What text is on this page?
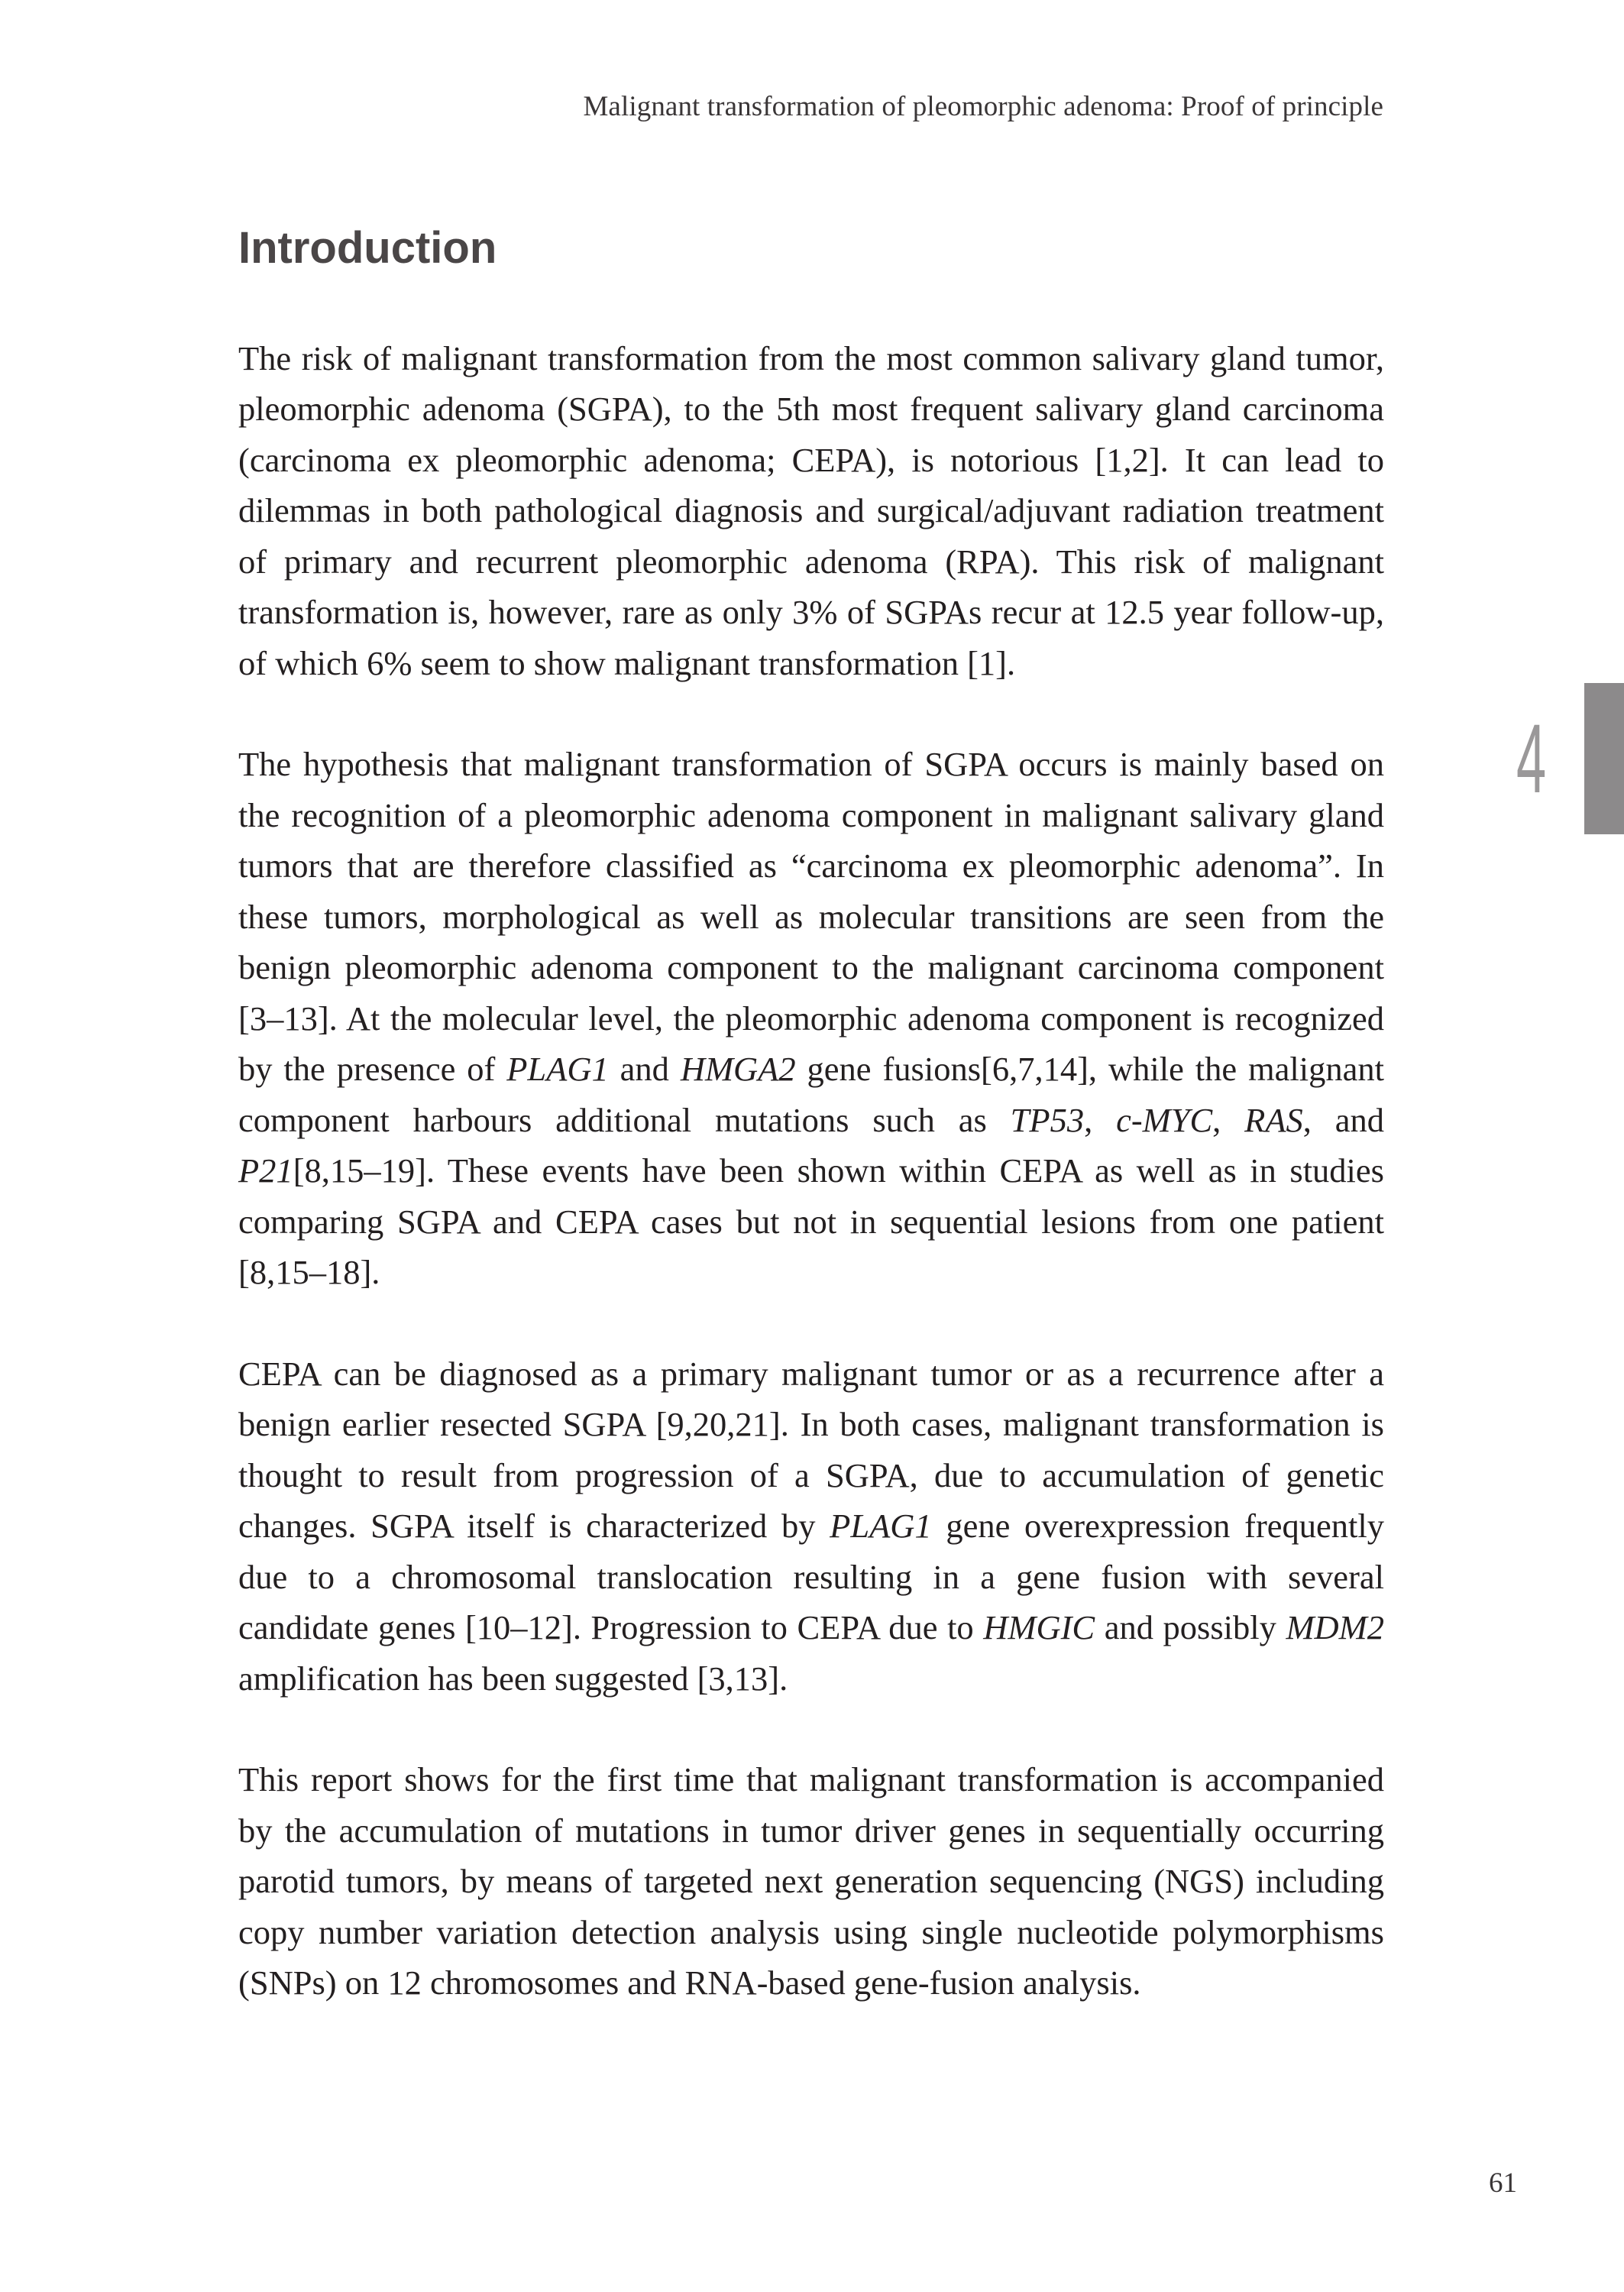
Malignant transformation of pleomorphic adenoma: Proof of principle
4
Introduction

The risk of malignant transformation from the most common salivary gland tumor, pleomorphic adenoma (SGPA), to the 5th most frequent salivary gland carcinoma (carcinoma ex pleomorphic adenoma; CEPA), is notorious [1,2]. It can lead to dilemmas in both pathological diagnosis and surgical/adjuvant radiation treatment of primary and recurrent pleomorphic adenoma (RPA). This risk of malignant transformation is, however, rare as only 3% of SGPAs recur at 12.5 year follow-up, of which 6% seem to show malignant transformation [1].

The hypothesis that malignant transformation of SGPA occurs is mainly based on the recognition of a pleomorphic adenoma component in malignant salivary gland tumors that are therefore classified as “carcinoma ex pleomorphic adenoma”. In these tumors, morphological as well as molecular transitions are seen from the benign pleomorphic adenoma component to the malignant carcinoma component [3–13]. At the molecular level, the pleomorphic adenoma component is recognized by the presence of PLAG1 and HMGA2 gene fusions[6,7,14], while the malignant component harbours additional mutations such as TP53, c-MYC, RAS, and P21[8,15–19]. These events have been shown within CEPA as well as in studies comparing SGPA and CEPA cases but not in sequential lesions from one patient [8,15–18].

CEPA can be diagnosed as a primary malignant tumor or as a recurrence after a benign earlier resected SGPA [9,20,21]. In both cases, malignant transformation is thought to result from progression of a SGPA, due to accumulation of genetic changes. SGPA itself is characterized by PLAG1 gene overexpression frequently due to a chromosomal translocation resulting in a gene fusion with several candidate genes [10–12]. Progression to CEPA due to HMGIC and possibly MDM2 amplification has been suggested [3,13].

This report shows for the first time that malignant transformation is accompanied by the accumulation of mutations in tumor driver genes in sequentially occurring parotid tumors, by means of targeted next generation sequencing (NGS) including copy number variation detection analysis using single nucleotide polymorphisms (SNPs) on 12 chromosomes and RNA-based gene-fusion analysis.

61
